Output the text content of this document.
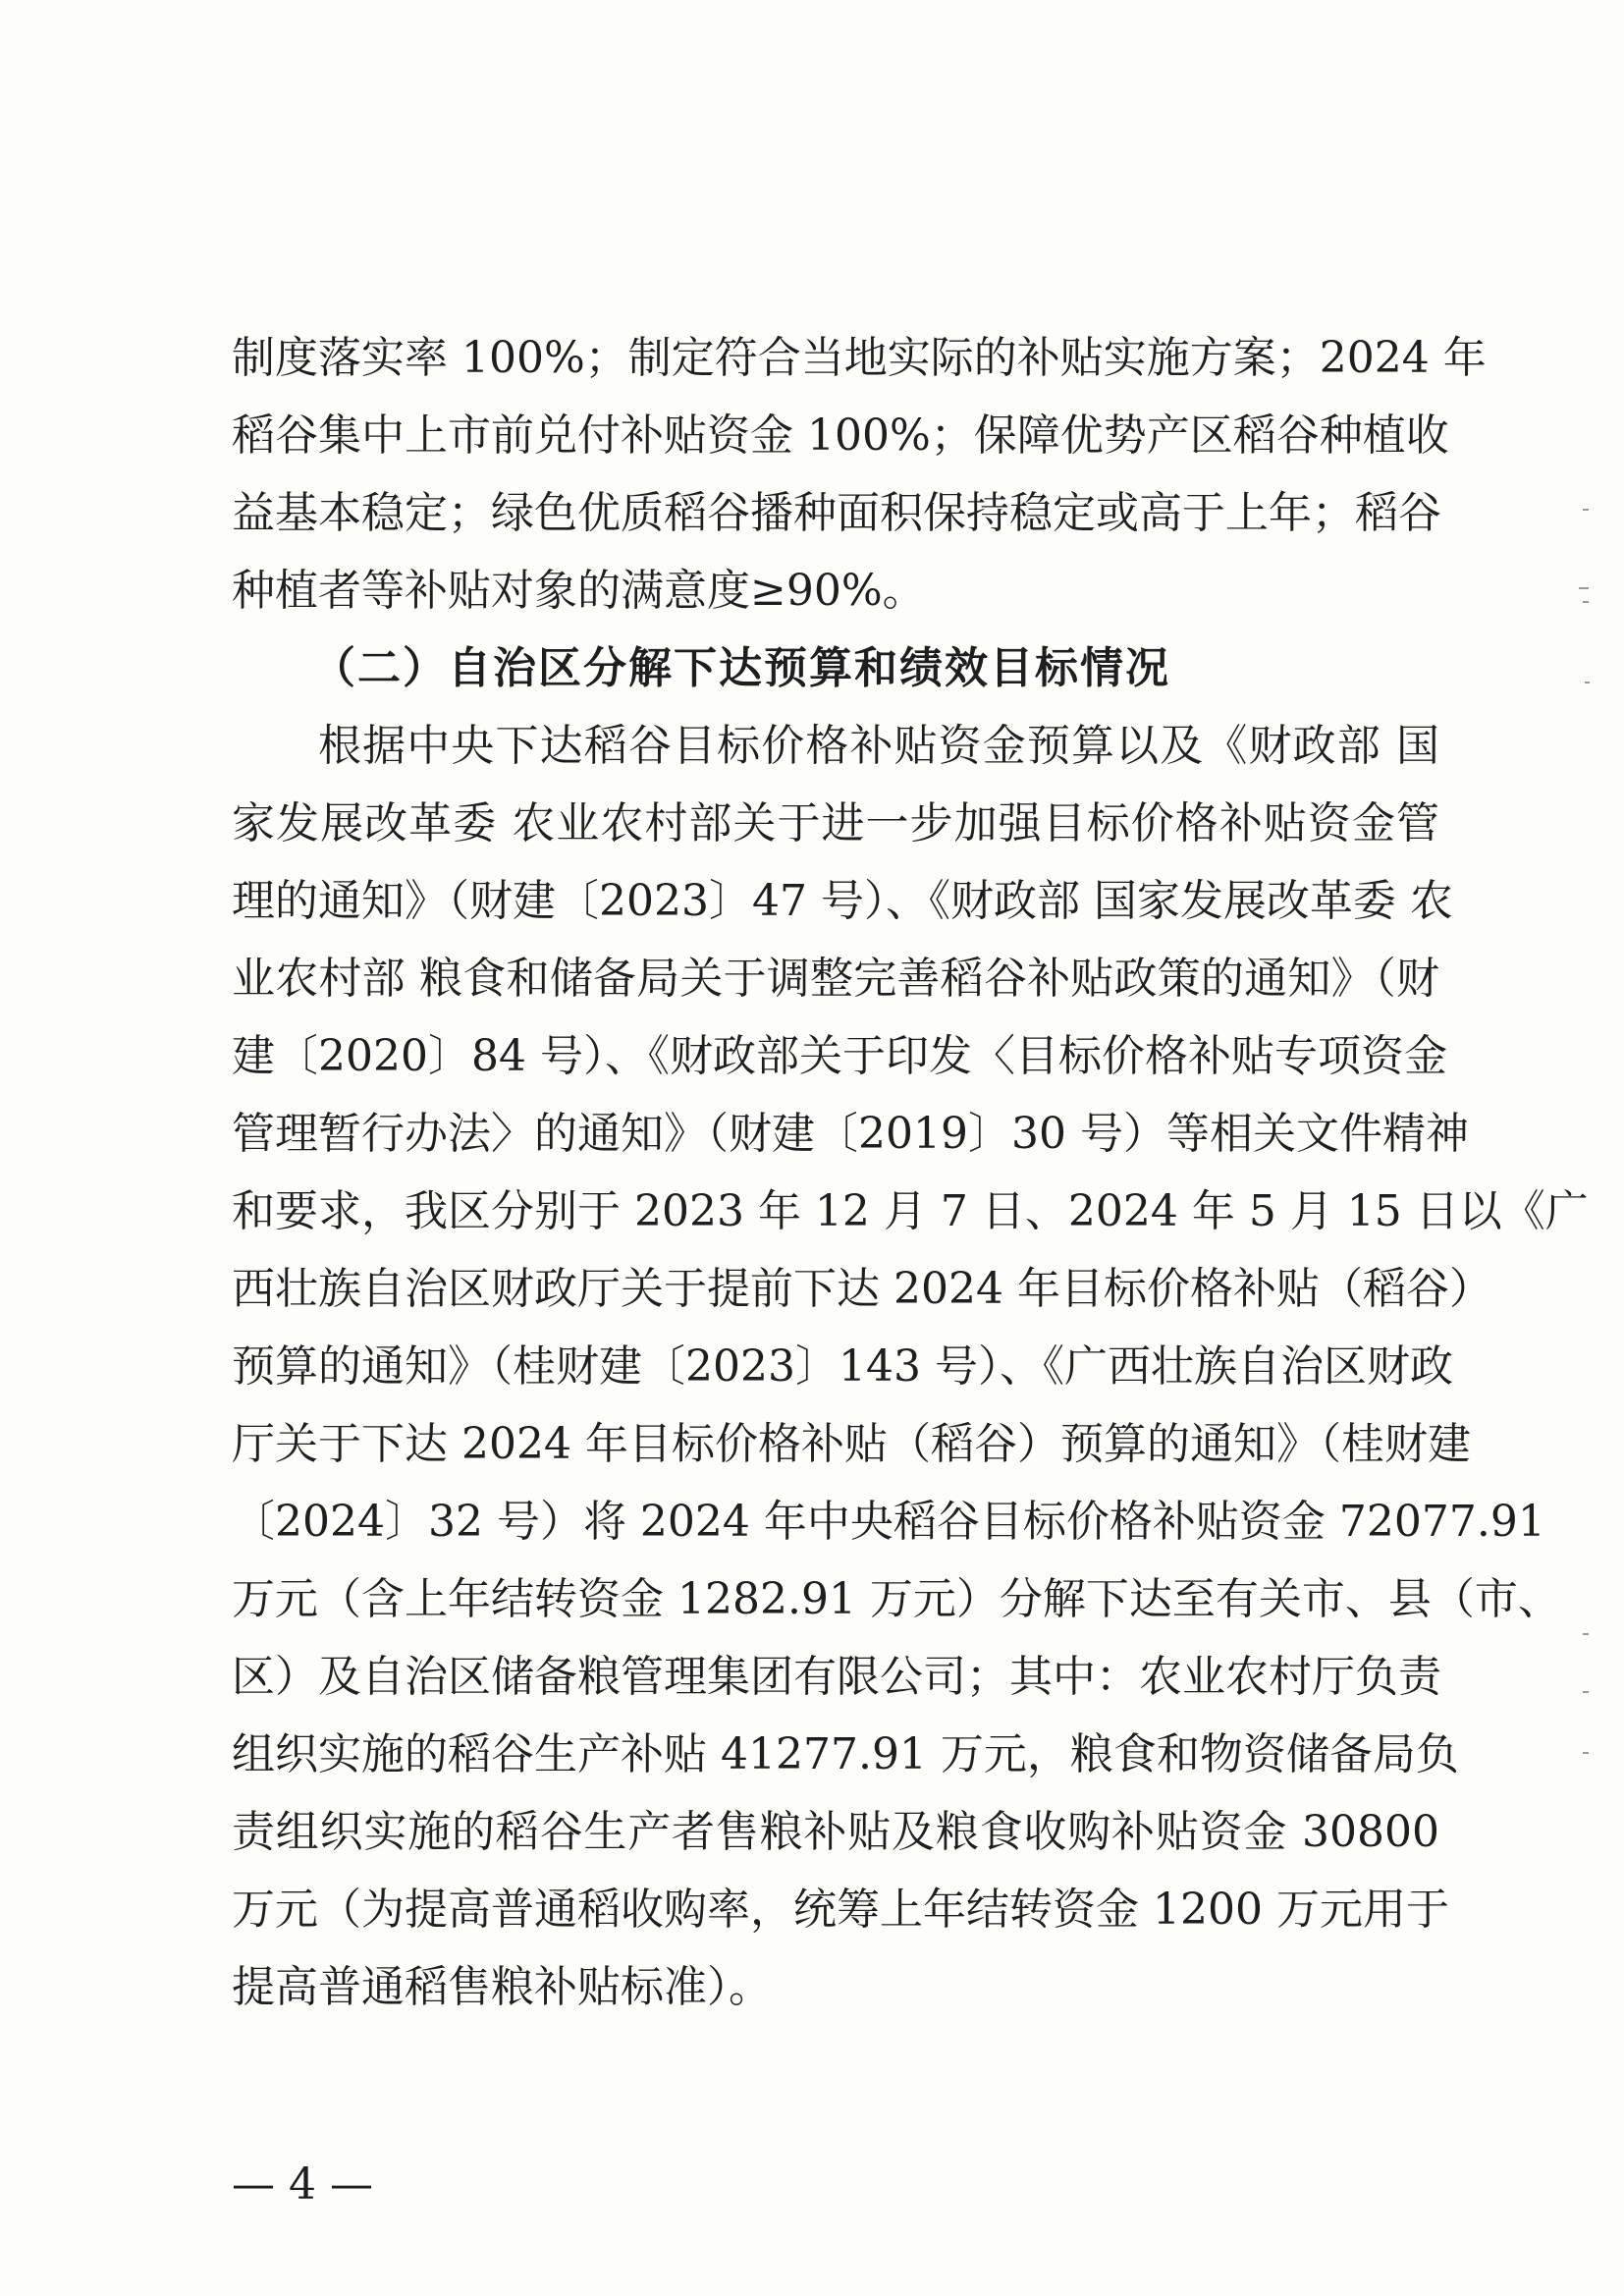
制度落实率 100%；制定符合当地实际的补贴实施方案；2024 年
稻谷集中上市前兑付补贴资金 100%；保障优势产区稻谷种植收
益基本稳定；绿色优质稻谷播种面积保持稳定或高于上年；稻谷
种植者等补贴对象的满意度≥90%。
（二）自治区分解下达预算和绩效目标情况
根据中央下达稻谷目标价格补贴资金预算以及《财政部 国
家发展改革委 农业农村部关于进一步加强目标价格补贴资金管
理的通知》（财建〔2023〕47 号）、《财政部 国家发展改革委 农
业农村部 粮食和储备局关于调整完善稻谷补贴政策的通知》（财
建〔2020〕84 号）、《财政部关于印发〈目标价格补贴专项资金
管理暂行办法〉的通知》（财建〔2019〕30 号）等相关文件精神
和要求，我区分别于 2023 年 12 月 7 日、2024 年 5 月 15 日以《广
西壮族自治区财政厅关于提前下达 2024 年目标价格补贴（稻谷）
预算的通知》（桂财建〔2023〕143 号）、《广西壮族自治区财政
厅关于下达 2024 年目标价格补贴（稻谷）预算的通知》（桂财建
〔2024〕32 号）将 2024 年中央稻谷目标价格补贴资金 72077.91
万元（含上年结转资金 1282.91 万元）分解下达至有关市、县（市、
区）及自治区储备粮管理集团有限公司；其中：农业农村厅负责
组织实施的稻谷生产补贴 41277.91 万元，粮食和物资储备局负
责组织实施的稻谷生产者售粮补贴及粮食收购补贴资金 30800
万元（为提高普通稻收购率，统筹上年结转资金 1200 万元用于
提高普通稻售粮补贴标准）。
— 4 —
